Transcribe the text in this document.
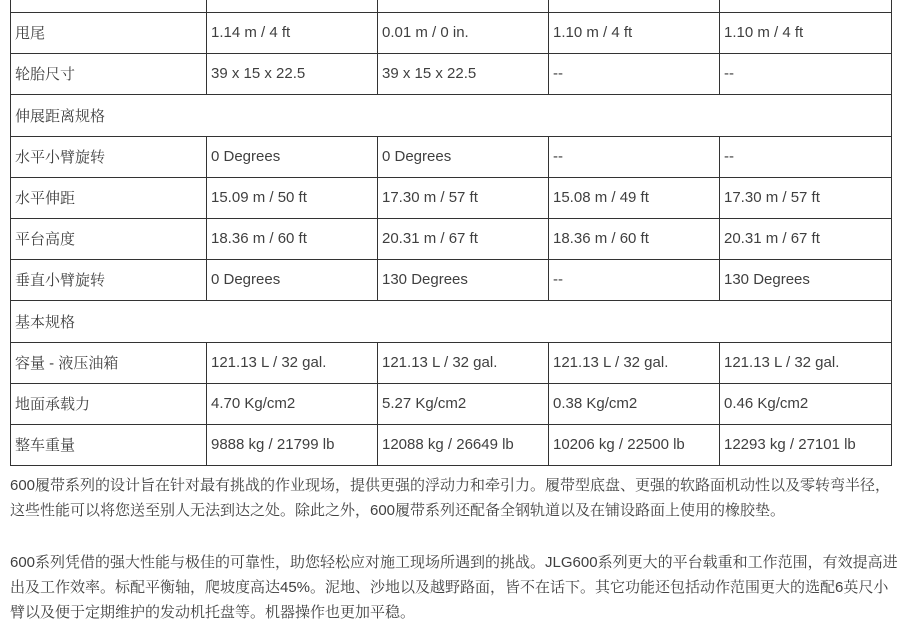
甩尾	1.14 m / 4 ft	0.01 m / 0 in.	1.10 m / 4 ft	1.10 m / 4 ft
轮胎尺寸	39 x 15 x 22.5	39 x 15 x 22.5	--	--
伸展距离规格				
水平小臂旋转	0 Degrees	0 Degrees	--	--
水平伸距	15.09 m / 50 ft	17.30 m / 57 ft	15.08 m / 49 ft	17.30 m / 57 ft
平台高度	18.36 m / 60 ft	20.31 m / 67 ft	18.36 m / 60 ft	20.31 m / 67 ft
垂直小臂旋转	0 Degrees	130 Degrees	--	130 Degrees
基本规格				
容量 - 液压油箱	121.13 L / 32 gal.	121.13 L / 32 gal.	121.13 L / 32 gal.	121.13 L / 32 gal.
地面承载力	4.70 Kg/cm2	5.27 Kg/cm2	0.38 Kg/cm2	0.46 Kg/cm2
整车重量	9888 kg / 21799 lb	12088 kg / 26649 lb	10206 kg / 22500 lb	12293 kg / 27101 lb

600履带系列的设计旨在针对最有挑战的作业现场，提供更强的浮动力和牵引力。履带型底盘、更强的软路面机动性以及零转弯半径，这些性能可以将您送至别人无法到达之处。除此之外，600履带系列还配备全钢轨道以及在铺设路面上使用的橡胶垫。

600系列凭借的强大性能与极佳的可靠性，助您轻松应对施工现场所遇到的挑战。JLG600系列更大的平台载重和工作范围，有效提高进出及工作效率。标配平衡轴，爬坡度高达45%。泥地、沙地以及越野路面，皆不在话下。其它功能还包括动作范围更大的选配6英尺小臂以及便于定期维护的发动机托盘等。机器操作也更加平稳。
